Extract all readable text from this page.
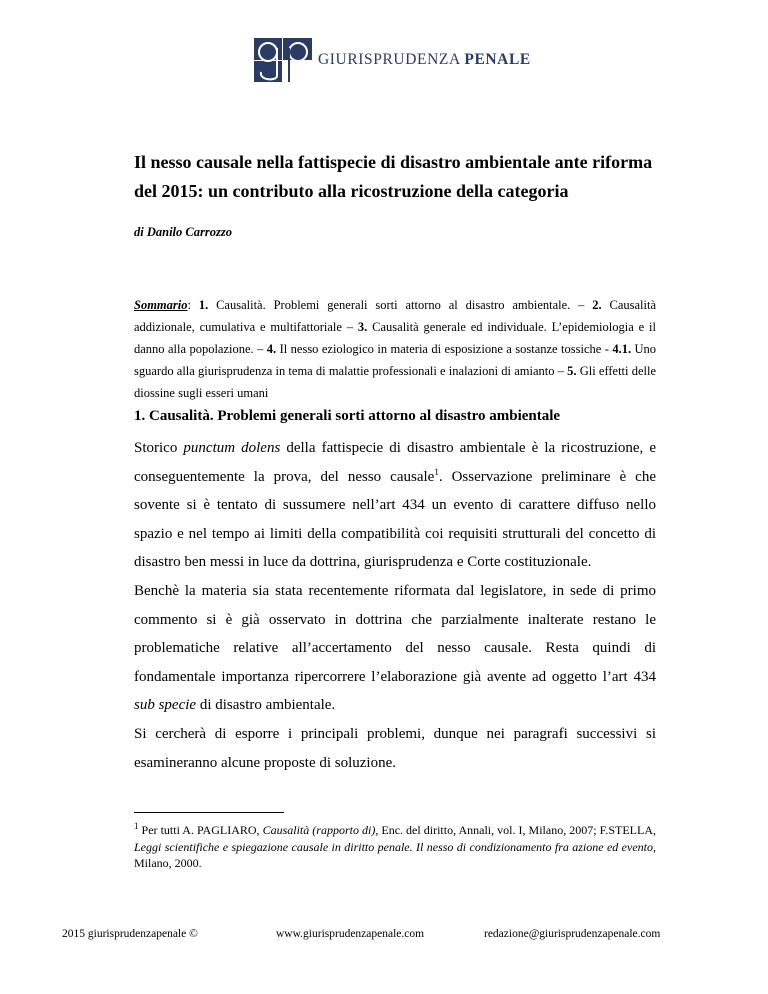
GIURISPRUDENZA PENALE
Il nesso causale nella fattispecie di disastro ambientale ante riforma del 2015: un contributo alla ricostruzione della categoria

di Danilo Carrozzo

Sommario: 1. Causalità. Problemi generali sorti attorno al disastro ambientale. – 2. Causalità addizionale, cumulativa e multifattoriale – 3. Causalità generale ed individuale. L’epidemiologia e il danno alla popolazione. – 4. Il nesso eziologico in materia di esposizione a sostanze tossiche - 4.1. Uno sguardo alla giurisprudenza in tema di malattie professionali e inalazioni di amianto – 5. Gli effetti delle diossine sugli esseri umani

1. Causalità. Problemi generali sorti attorno al disastro ambientale

Storico punctum dolens della fattispecie di disastro ambientale è la ricostruzione, e conseguentemente la prova, del nesso causale$^1$. Osservazione preliminare è che sovente si è tentato di sussumere nell’art 434 un evento di carattere diffuso nello spazio e nel tempo ai limiti della compatibilità coi requisiti strutturali del concetto di disastro ben messi in luce da dottrina, giurisprudenza e Corte costituzionale.

Benchè la materia sia stata recentemente riformata dal legislatore, in sede di primo commento si è già osservato in dottrina che parzialmente inalterate restano le problematiche relative all’accertamento del nesso causale. Resta quindi di fondamentale importanza ripercorrere l’elaborazione già avente ad oggetto l’art 434 sub specie di disastro ambientale.

Si cercherà di esporre i principali problemi, dunque nei paragrafi successivi si esamineranno alcune proposte di soluzione.

$^1$ Per tutti A. PAGLIARO, Causalità (rapporto di), Enc. del diritto, Annali, vol. I, Milano, 2007; F.STELLA, Leggi scientifiche e spiegazione causale in diritto penale. Il nesso di condizionamento fra azione ed evento, Milano, 2000.

2015 giurisprudenzapenale ©	www.giurisprudenzapenale.com	redazione@giurisprudenzapenale.com
